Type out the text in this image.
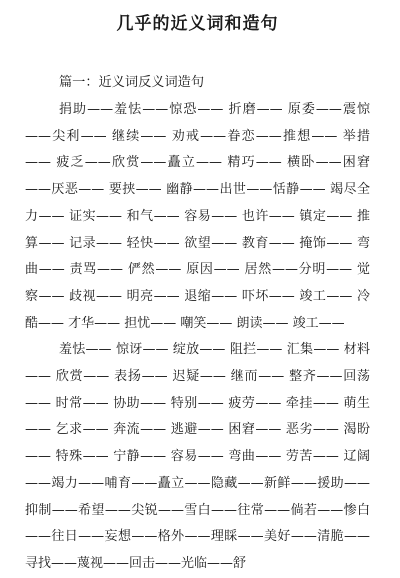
几乎的近义词和造句
篇一：近义词反义词造句

捐助——羞怯——惊恐—— 折磨—— 原委——震惊——尖利—— 继续—— 劝戒——眷恋——推想—— 举措—— 疲乏——欣赏——矗立—— 精巧—— 横卧——困窘——厌恶—— 要挟—— 幽静——出世——恬静—— 竭尽全力—— 证实—— 和气—— 容易—— 也许—— 镇定—— 推算—— 记录—— 轻快—— 欲望—— 教育—— 掩饰—— 弯曲—— 责骂—— 俨然—— 原因—— 居然——分明—— 觉察—— 歧视—— 明亮—— 退缩—— 吓坏—— 竣工—— 冷酷—— 才华—— 担忧—— 嘲笑—— 朗读—— 竣工——

羞怯—— 惊讶—— 绽放—— 阻拦—— 汇集—— 材料—— 欣赏—— 表扬—— 迟疑—— 继而—— 整齐——回荡—— 时常—— 协助—— 特别—— 疲劳—— 牵挂—— 萌生—— 乞求—— 奔流—— 逃避—— 困窘—— 恶劣—— 渴盼—— 特殊—— 宁静—— 容易—— 弯曲—— 劳苦—— 辽阔——竭力——哺育——矗立——隐藏——新鲜——援助——抑制——希望——尖锐——雪白——往常——倘若——惨白——往日——妄想——格外——理睬——美好——清脆——寻找——蔑视——回击——光临——舒
